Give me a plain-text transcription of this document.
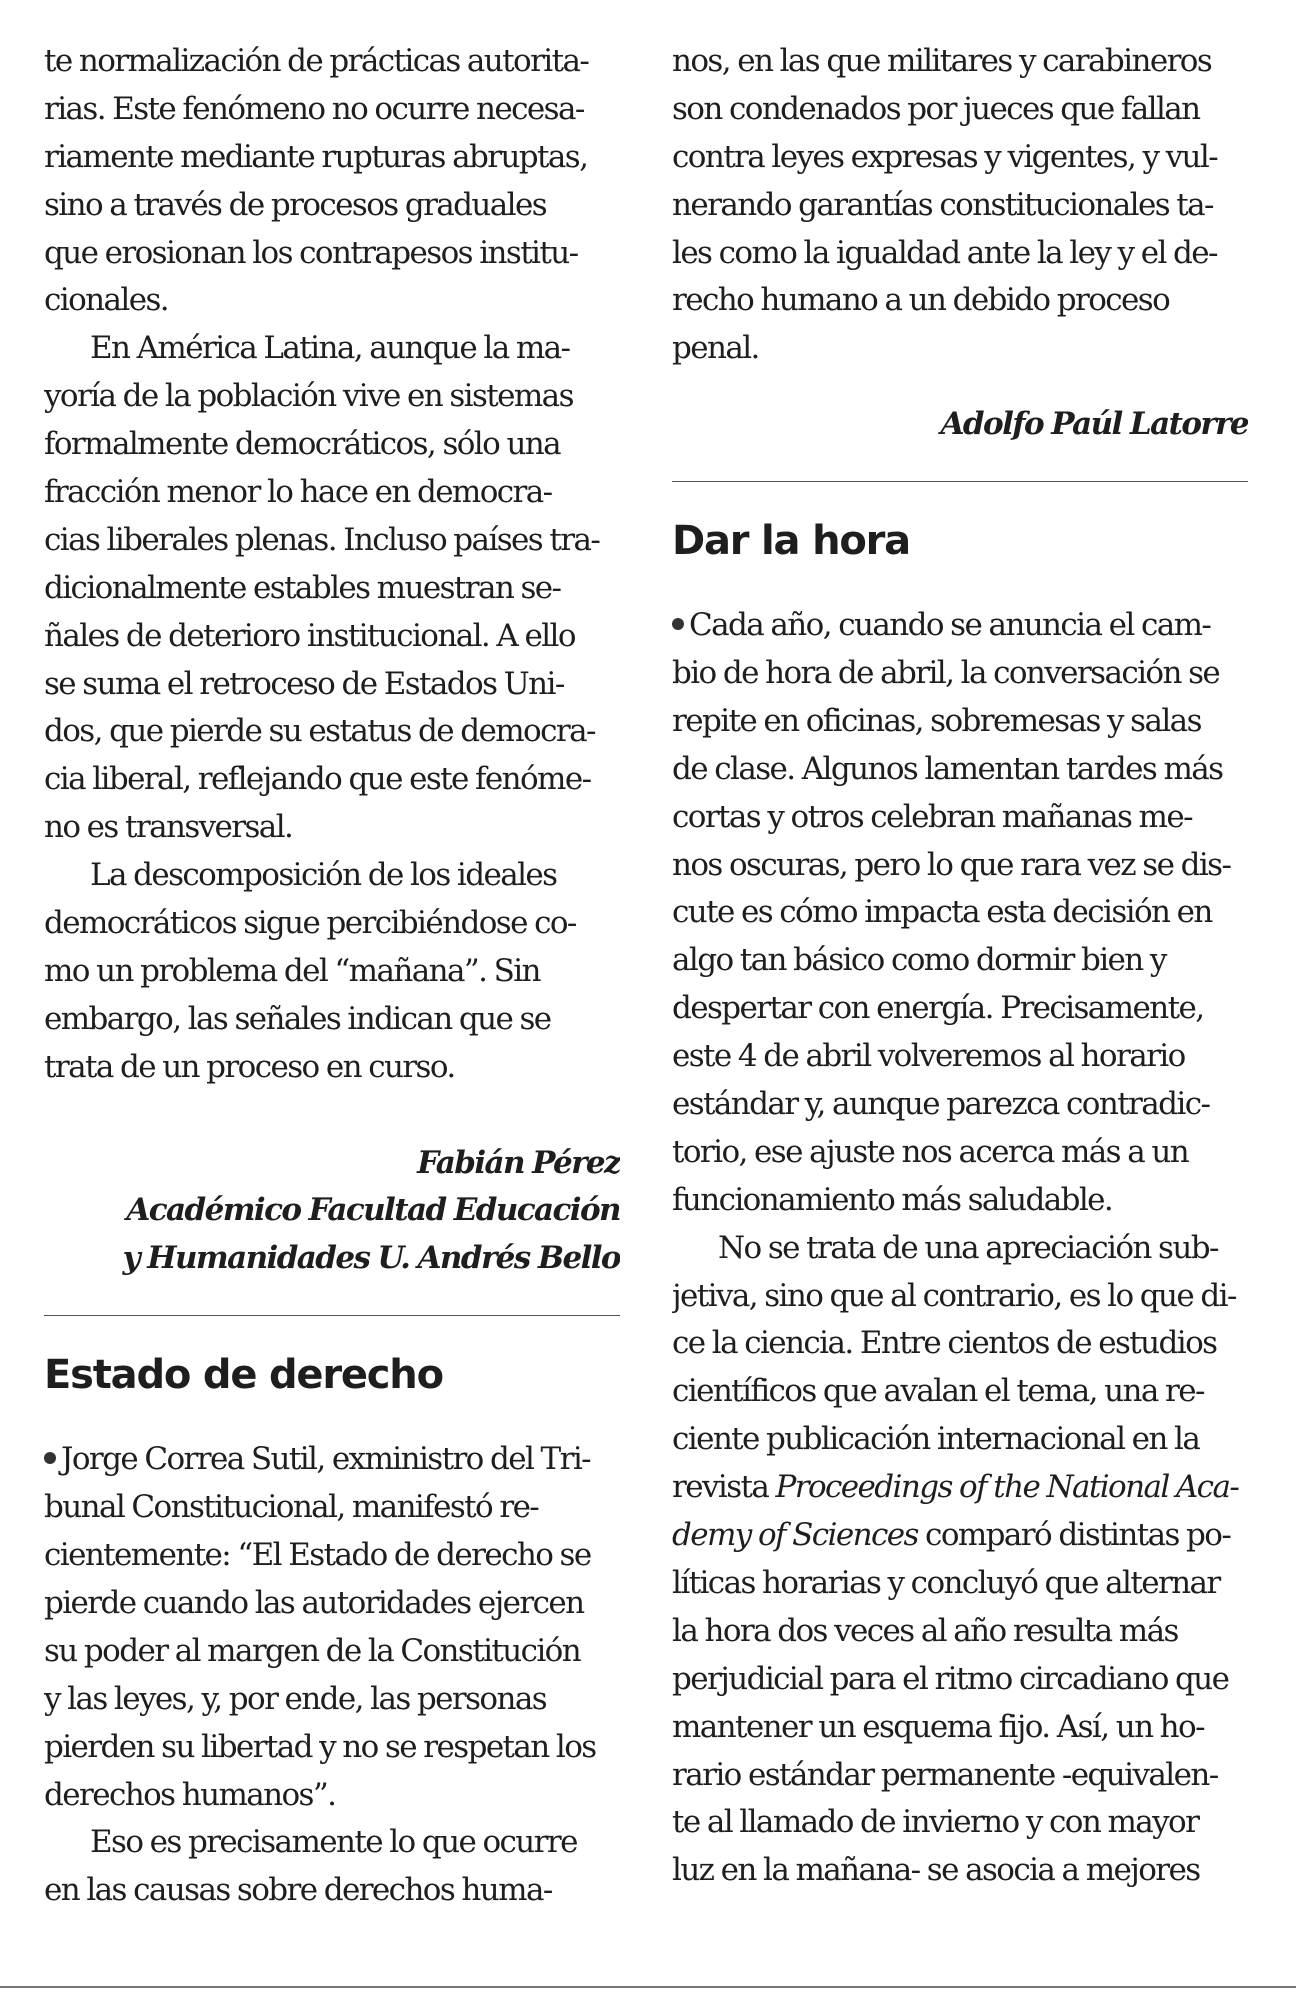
te normalización de prácticas autorita-
rias. Este fenómeno no ocurre necesa-
riamente mediante rupturas abruptas,
sino a través de procesos graduales
que erosionan los contrapesos institu-
cionales.
En América Latina, aunque la ma-
yoría de la población vive en sistemas
formalmente democráticos, sólo una
fracción menor lo hace en democra-
cias liberales plenas. Incluso países tra-
dicionalmente estables muestran se-
ñales de deterioro institucional. A ello
se suma el retroceso de Estados Uni-
dos, que pierde su estatus de democra-
cia liberal, reflejando que este fenóme-
no es transversal.
La descomposición de los ideales
democráticos sigue percibiéndose co-
mo un problema del “mañana”. Sin
embargo, las señales indican que se
trata de un proceso en curso.
Fabián Pérez
Académico Facultad Educación
y Humanidades U. Andrés Bello
Estado de derecho
Jorge Correa Sutil, exministro del Tri-
bunal Constitucional, manifestó re-
cientemente: “El Estado de derecho se
pierde cuando las autoridades ejercen
su poder al margen de la Constitución
y las leyes, y, por ende, las personas
pierden su libertad y no se respetan los
derechos humanos”.
Eso es precisamente lo que ocurre
en las causas sobre derechos huma-
nos, en las que militares y carabineros
son condenados por jueces que fallan
contra leyes expresas y vigentes, y vul-
nerando garantías constitucionales ta-
les como la igualdad ante la ley y el de-
recho humano a un debido proceso
penal.
Adolfo Paúl Latorre
Dar la hora
Cada año, cuando se anuncia el cam-
bio de hora de abril, la conversación se
repite en oficinas, sobremesas y salas
de clase. Algunos lamentan tardes más
cortas y otros celebran mañanas me-
nos oscuras, pero lo que rara vez se dis-
cute es cómo impacta esta decisión en
algo tan básico como dormir bien y
despertar con energía. Precisamente,
este 4 de abril volveremos al horario
estándar y, aunque parezca contradic-
torio, ese ajuste nos acerca más a un
funcionamiento más saludable.
No se trata de una apreciación sub-
jetiva, sino que al contrario, es lo que di-
ce la ciencia. Entre cientos de estudios
científicos que avalan el tema, una re-
ciente publicación internacional en la
revista Proceedings of the National Aca-
demy of Sciences comparó distintas po-
líticas horarias y concluyó que alternar
la hora dos veces al año resulta más
perjudicial para el ritmo circadiano que
mantener un esquema fijo. Así, un ho-
rario estándar permanente -equivalen-
te al llamado de invierno y con mayor
luz en la mañana- se asocia a mejores
